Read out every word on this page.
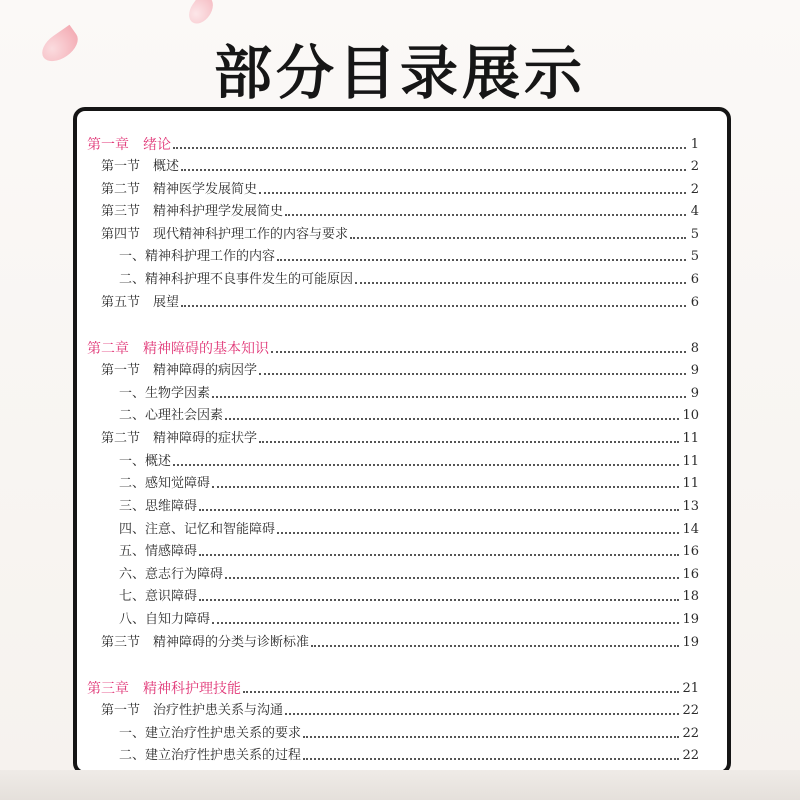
部分目录展示
第一章　绪论	1
第一节　概述	2
第二节　精神医学发展简史	2
第三节　精神科护理学发展简史	4
第四节　现代精神科护理工作的内容与要求	5
一、精神科护理工作的内容	5
二、精神科护理不良事件发生的可能原因	6
第五节　展望	6
第二章　精神障碍的基本知识	8
第一节　精神障碍的病因学	9
一、生物学因素	9
二、心理社会因素	10
第二节　精神障碍的症状学	11
一、概述	11
二、感知觉障碍	11
三、思维障碍	13
四、注意、记忆和智能障碍	14
五、情感障碍	16
六、意志行为障碍	16
七、意识障碍	18
八、自知力障碍	19
第三节　精神障碍的分类与诊断标准	19
第三章　精神科护理技能	21
第一节　治疗性护患关系与沟通	22
一、建立治疗性护患关系的要求	22
二、建立治疗性护患关系的过程	22
